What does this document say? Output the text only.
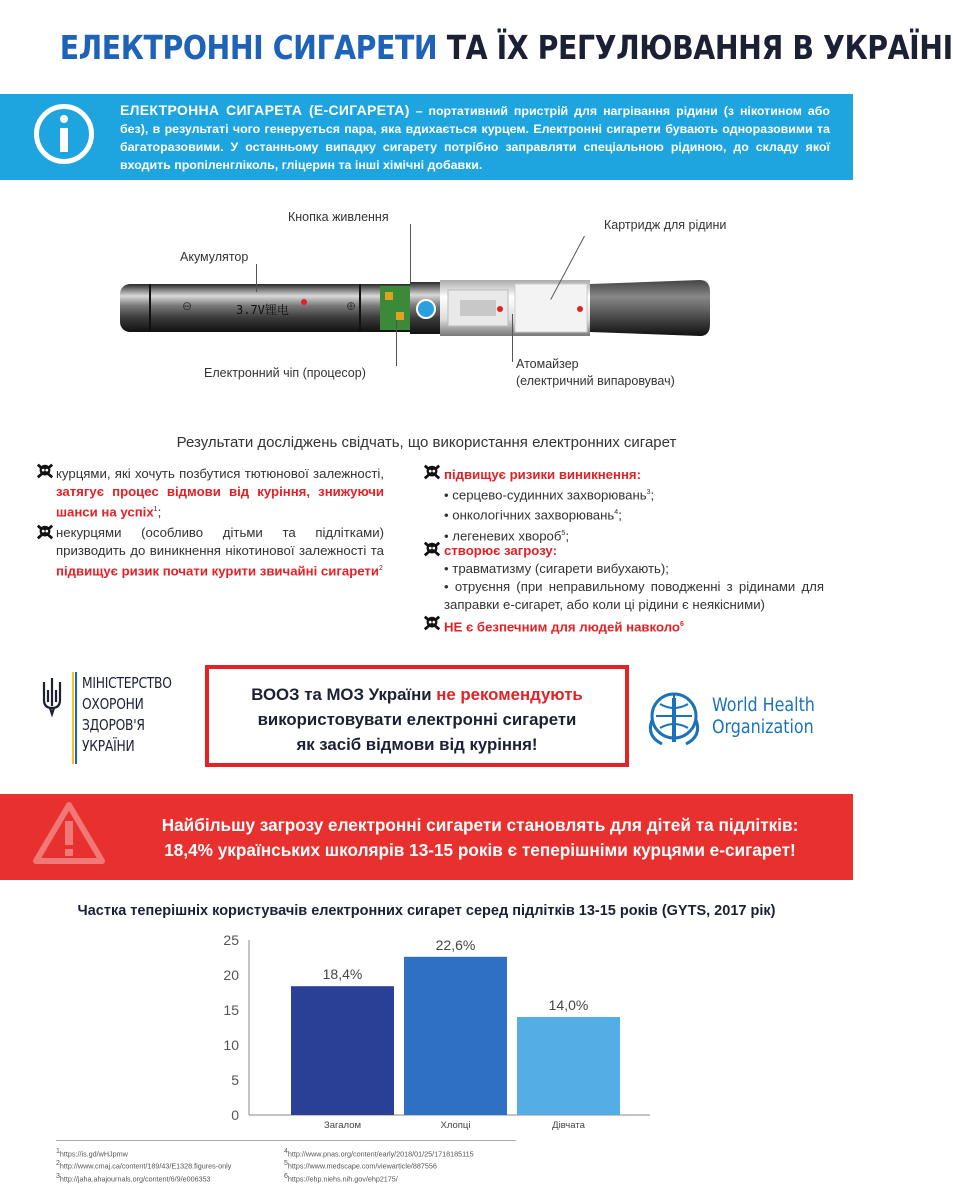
ЕЛЕКТРОННІ СИГАРЕТИ ТА ЇХ РЕГУЛЮВАННЯ В УКРАЇНІ
ЕЛЕКТРОННА СИГАРЕТА (Е-СИГАРЕТА) – портативний пристрій для нагрівання рідини (з нікотином або без), в результаті чого генерується пара, яка вдихається курцем. Електронні сигарети бувають одноразовими та багаторазовими. У останньому випадку сигарету потрібно заправляти спеціальною рідиною, до складу якої входить пропіленгліколь, гліцерин та інші хімічні добавки.
3.7V锂电
⊖	⊕
Кнопка живлення
Картридж для рідини
Акумулятор
Електронний чіп (процесор)
Атомайзер
(електричний випаровувач)
Результати досліджень свідчать, що використання електронних сигарет
курцями, які хочуть позбутися тютюнової залежності, затягує процес відмови від куріння, знижуючи шанси на успіх$^1$;
некурцями (особливо дітьми та підлітками) призводить до виникнення нікотинової залежності та підвищує ризик почати курити звичайні сигарети$^2$
підвищує ризики виникнення:
• серцево-судинних захворювань$^3$;
• онкологічних захворювань$^4$;
• легеневих хвороб$^5$;
створює загрозу:
• травматизму (сигарети вибухають);
• отруєння (при неправильному поводженні з рідинами для заправки е-сигарет, або коли ці рідини є неякісними)
НЕ є безпечним для людей навколо$^6$
МІНІСТЕРСТВО
ОХОРОНИ
ЗДОРОВ'Я
УКРАЇНИ
ВООЗ та МОЗ України не рекомендують
використовувати електронні сигарети
як засіб відмови від куріння!
World Health
Organization
Найбільшу загрозу електронні сигарети становлять для дітей та підлітків:
18,4% українських школярів 13-15 років є теперішніми курцями е-сигарет!
Частка теперішніх користувачів електронних сигарет серед підлітків 13-15 років (GYTS, 2017 рік)
0
5
10
15
20
25
18,4%
Загалом
22,6%
Хлопці
14,0%
Дівчата
$^1$https://is.gd/wHJpmw
$^2$http://www.cmaj.ca/content/189/43/E1328.figures-only
$^3$http://jaha.ahajournals.org/content/6/9/e006353
$^4$http://www.pnas.org/content/early/2018/01/25/1718185115
$^5$https://www.medscape.com/viewarticle/887556
$^6$https://ehp.niehs.nih.gov/ehp2175/
